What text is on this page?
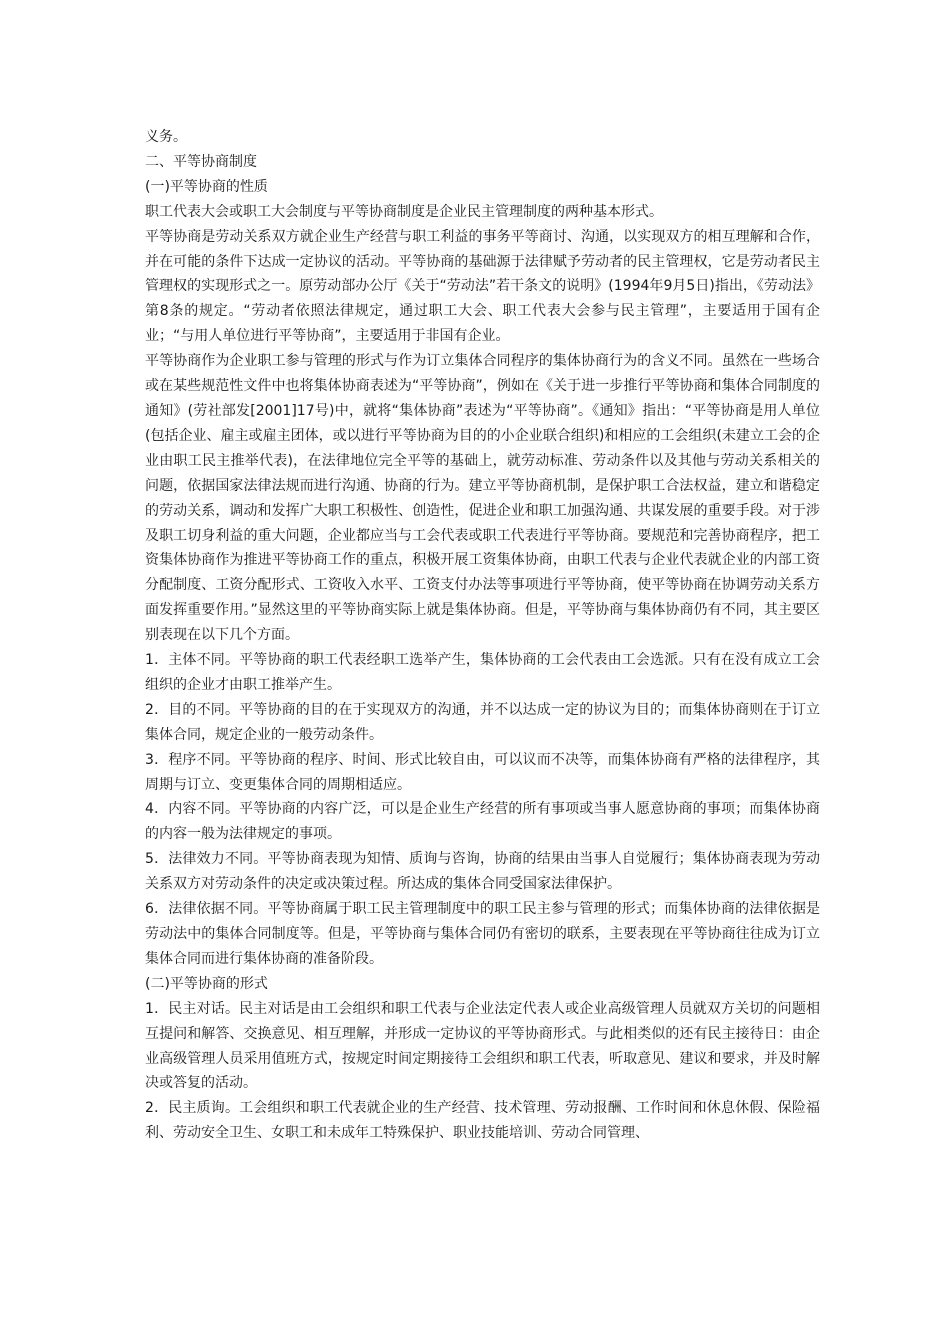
义务。

二、平等协商制度

(一)平等协商的性质

职工代表大会或职工大会制度与平等协商制度是企业民主管理制度的两种基本形式。

平等协商是劳动关系双方就企业生产经营与职工利益的事务平等商讨、沟通，以实现双方的相互理解和合作，并在可能的条件下达成一定协议的活动。平等协商的基础源于法律赋予劳动者的民主管理权，它是劳动者民主管理权的实现形式之一。原劳动部办公厅《关于“劳动法”若干条文的说明》(1994年9月5日)指出，《劳动法》第8条的规定。“劳动者依照法律规定，通过职工大会、职工代表大会参与民主管理”，主要适用于国有企业；“与用人单位进行平等协商”，主要适用于非国有企业。

平等协商作为企业职工参与管理的形式与作为订立集体合同程序的集体协商行为的含义不同。虽然在一些场合或在某些规范性文件中也将集体协商表述为“平等协商”，例如在《关于进一步推行平等协商和集体合同制度的通知》(劳社部发[2001]17号)中，就将“集体协商”表述为“平等协商”。《通知》指出：“平等协商是用人单位(包括企业、雇主或雇主团体，或以进行平等协商为目的的小企业联合组织)和相应的工会组织(未建立工会的企业由职工民主推举代表)，在法律地位完全平等的基础上，就劳动标准、劳动条件以及其他与劳动关系相关的问题，依据国家法律法规而进行沟通、协商的行为。建立平等协商机制，是保护职工合法权益，建立和谐稳定的劳动关系，调动和发挥广大职工积极性、创造性，促进企业和职工加强沟通、共谋发展的重要手段。对于涉及职工切身利益的重大问题，企业都应当与工会代表或职工代表进行平等协商。要规范和完善协商程序，把工资集体协商作为推进平等协商工作的重点，积极开展工资集体协商，由职工代表与企业代表就企业的内部工资分配制度、工资分配形式、工资收入水平、工资支付办法等事项进行平等协商，使平等协商在协调劳动关系方面发挥重要作用。”显然这里的平等协商实际上就是集体协商。但是，平等协商与集体协商仍有不同，其主要区别表现在以下几个方面。

1．主体不同。平等协商的职工代表经职工选举产生，集体协商的工会代表由工会选派。只有在没有成立工会组织的企业才由职工推举产生。

2．目的不同。平等协商的目的在于实现双方的沟通，并不以达成一定的协议为目的；而集体协商则在于订立集体合同，规定企业的一般劳动条件。

3．程序不同。平等协商的程序、时间、形式比较自由，可以议而不决等，而集体协商有严格的法律程序，其周期与订立、变更集体合同的周期相适应。

4．内容不同。平等协商的内容广泛，可以是企业生产经营的所有事项或当事人愿意协商的事项；而集体协商的内容一般为法律规定的事项。

5．法律效力不同。平等协商表现为知情、质询与咨询，协商的结果由当事人自觉履行；集体协商表现为劳动关系双方对劳动条件的决定或决策过程。所达成的集体合同受国家法律保护。

6．法律依据不同。平等协商属于职工民主管理制度中的职工民主参与管理的形式；而集体协商的法律依据是劳动法中的集体合同制度等。但是，平等协商与集体合同仍有密切的联系，主要表现在平等协商往往成为订立集体合同而进行集体协商的准备阶段。

(二)平等协商的形式

1．民主对话。民主对话是由工会组织和职工代表与企业法定代表人或企业高级管理人员就双方关切的问题相互提问和解答、交换意见、相互理解，并形成一定协议的平等协商形式。与此相类似的还有民主接待日：由企业高级管理人员采用值班方式，按规定时间定期接待工会组织和职工代表，听取意见、建议和要求，并及时解决或答复的活动。

2．民主质询。工会组织和职工代表就企业的生产经营、技术管理、劳动报酬、工作时间和休息休假、保险福利、劳动安全卫生、女职工和未成年工特殊保护、职业技能培训、劳动合同管理、
